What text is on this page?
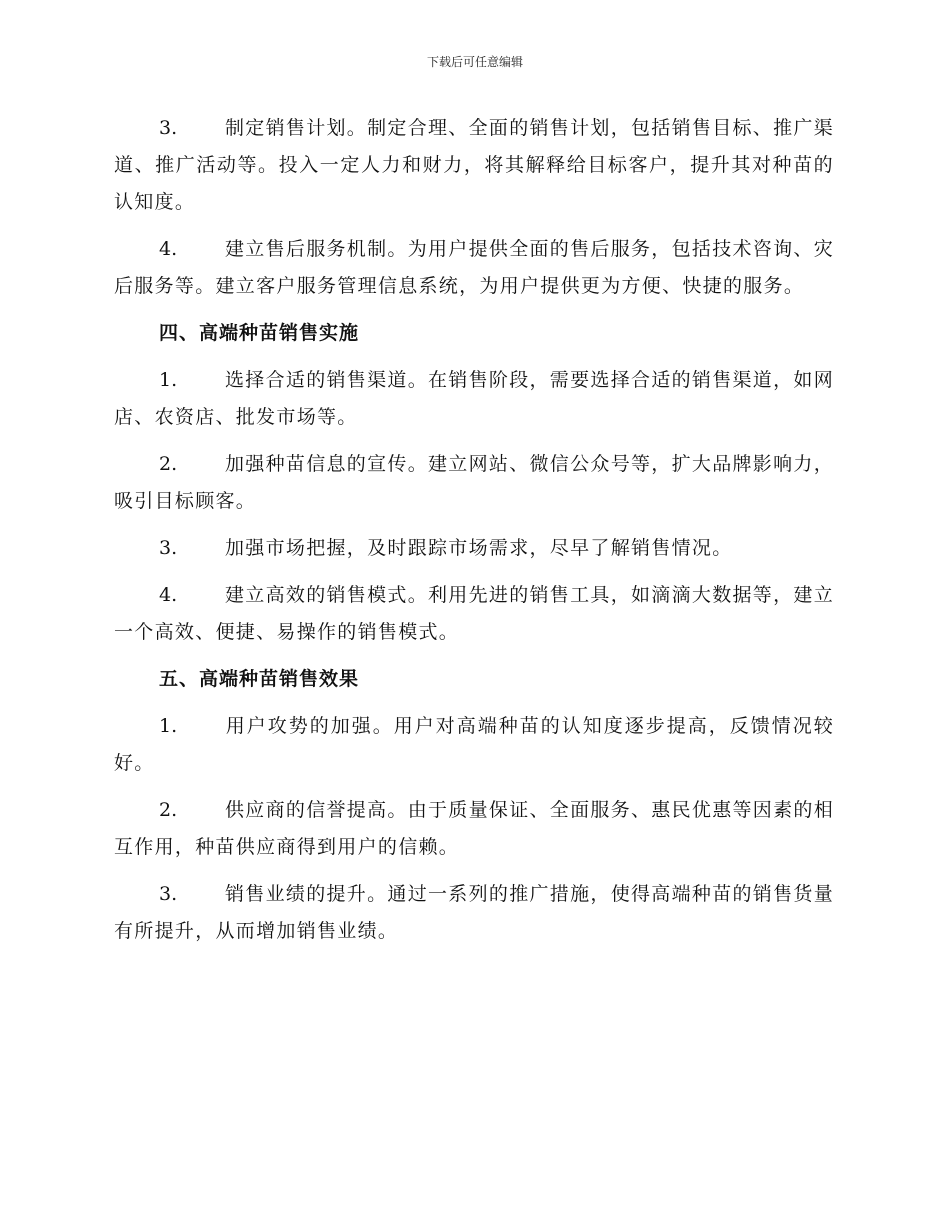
下载后可任意编辑

3.	制定销售计划。制定合理、全面的销售计划，包括销售目标、推广渠道、推广活动等。投入一定人力和财力，将其解释给目标客户，提升其对种苗的认知度。

4.	建立售后服务机制。为用户提供全面的售后服务，包括技术咨询、灾后服务等。建立客户服务管理信息系统，为用户提供更为方便、快捷的服务。

四、高端种苗销售实施

1.	选择合适的销售渠道。在销售阶段，需要选择合适的销售渠道，如网店、农资店、批发市场等。

2.	加强种苗信息的宣传。建立网站、微信公众号等，扩大品牌影响力，吸引目标顾客。

3.	加强市场把握，及时跟踪市场需求，尽早了解销售情况。

4.	建立高效的销售模式。利用先进的销售工具，如滴滴大数据等，建立一个高效、便捷、易操作的销售模式。

五、高端种苗销售效果

1.	用户攻势的加强。用户对高端种苗的认知度逐步提高，反馈情况较好。

2.	供应商的信誉提高。由于质量保证、全面服务、惠民优惠等因素的相互作用，种苗供应商得到用户的信赖。

3.	销售业绩的提升。通过一系列的推广措施，使得高端种苗的销售货量有所提升，从而增加销售业绩。
